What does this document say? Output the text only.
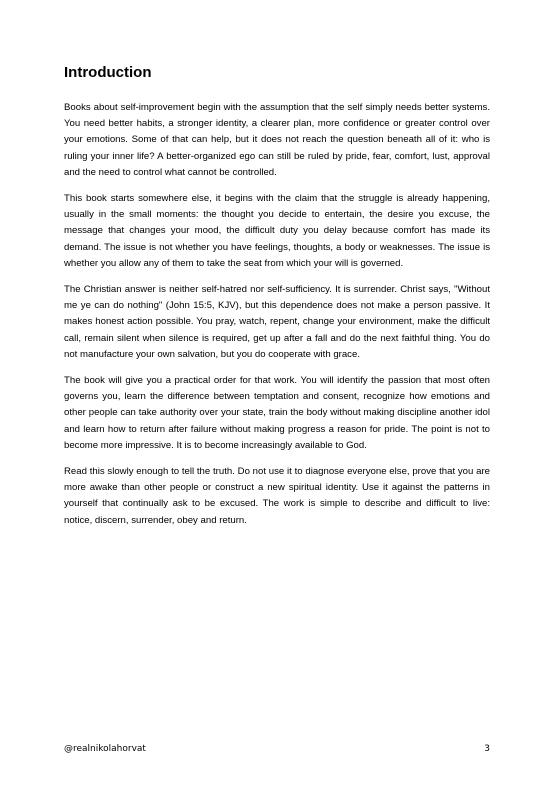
Introduction

Books about self-improvement begin with the assumption that the self simply needs better systems. You need better habits, a stronger identity, a clearer plan, more confidence or greater control over your emotions. Some of that can help, but it does not reach the question beneath all of it: who is ruling your inner life? A better-organized ego can still be ruled by pride, fear, comfort, lust, approval and the need to control what cannot be controlled.

This book starts somewhere else, it begins with the claim that the struggle is already happening, usually in the small moments: the thought you decide to entertain, the desire you excuse, the message that changes your mood, the difficult duty you delay because comfort has made its demand. The issue is not whether you have feelings, thoughts, a body or weaknesses. The issue is whether you allow any of them to take the seat from which your will is governed.

The Christian answer is neither self-hatred nor self-sufficiency. It is surrender. Christ says, "Without me ye can do nothing" (John 15:5, KJV), but this dependence does not make a person passive. It makes honest action possible. You pray, watch, repent, change your environment, make the difficult call, remain silent when silence is required, get up after a fall and do the next faithful thing. You do not manufacture your own salvation, but you do cooperate with grace.

The book will give you a practical order for that work. You will identify the passion that most often governs you, learn the difference between temptation and consent, recognize how emotions and other people can take authority over your state, train the body without making discipline another idol and learn how to return after failure without making progress a reason for pride. The point is not to become more impressive. It is to become increasingly available to God.

Read this slowly enough to tell the truth. Do not use it to diagnose everyone else, prove that you are more awake than other people or construct a new spiritual identity. Use it against the patterns in yourself that continually ask to be excused. The work is simple to describe and difficult to live: notice, discern, surrender, obey and return.

@realnikolahorvat	3
